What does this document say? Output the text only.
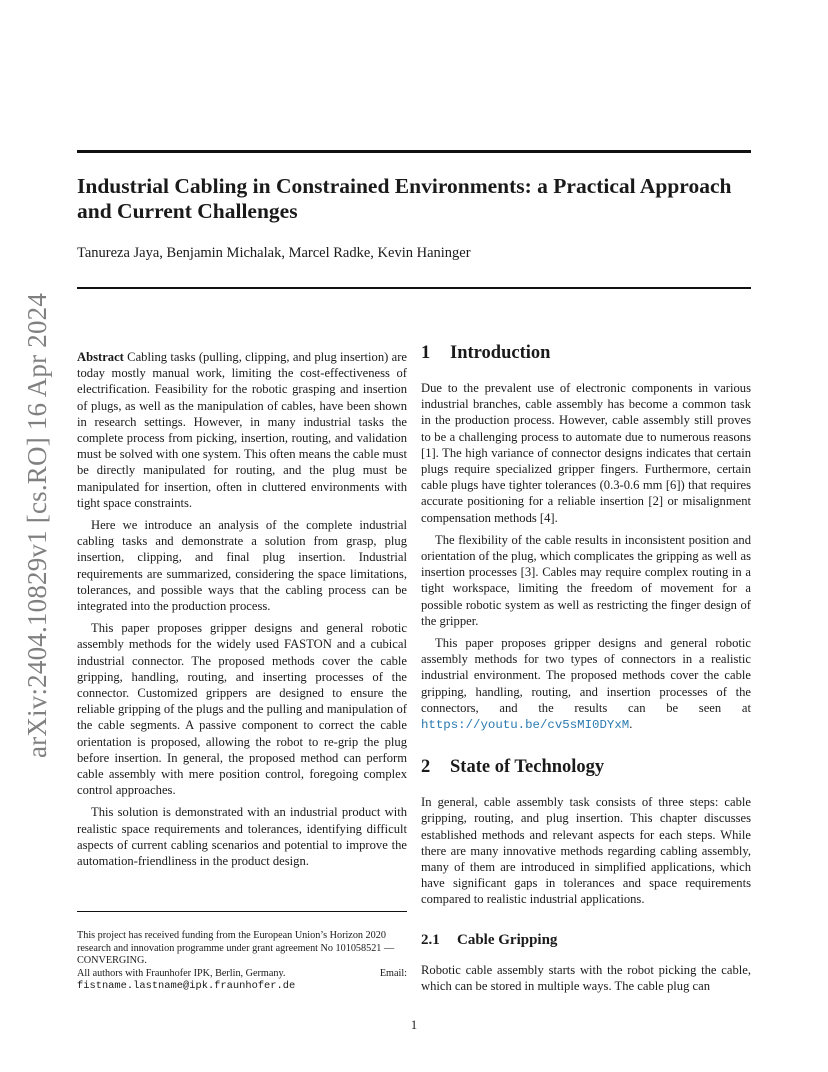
Industrial Cabling in Constrained Environments: a Practical Approach and Current Challenges
Tanureza Jaya, Benjamin Michalak, Marcel Radke, Kevin Haninger
arXiv:2404.10829v1 [cs.RO] 16 Apr 2024 Abstract Cabling tasks (pulling, clipping, and plug insertion) are today mostly manual work, limiting the cost-effectiveness of electrification. Feasibility for the robotic grasping and insertion of plugs, as well as the manipulation of cables, have been shown in research settings. However, in many industrial tasks the complete process from picking, insertion, routing, and validation must be solved with one system. This often means the cable must be directly manipulated for routing, and the plug must be manipulated for insertion, often in cluttered environments with tight space constraints.

Here we introduce an analysis of the complete industrial cabling tasks and demonstrate a solution from grasp, plug insertion, clipping, and final plug insertion. Industrial requirements are summarized, considering the space limitations, tolerances, and possible ways that the cabling process can be integrated into the production process.

This paper proposes gripper designs and general robotic assembly methods for the widely used FASTON and a cubical industrial connector. The proposed methods cover the cable gripping, handling, routing, and inserting processes of the connector. Customized grippers are designed to ensure the reliable gripping of the plugs and the pulling and manipulation of the cable segments. A passive component to correct the cable orientation is proposed, allowing the robot to re-grip the plug before insertion. In general, the proposed method can perform cable assembly with mere position control, foregoing complex control approaches.

This solution is demonstrated with an industrial product with realistic space requirements and tolerances, identifying difficult aspects of current cabling scenarios and potential to improve the automation-friendliness in the product design.

This project has received funding from the European Union’s Horizon 2020 research and innovation programme under grant agreement No 101058521 — CONVERGING.

All authors with Fraunhofer IPK, Berlin, Germany.	Email:
fistname.lastname@ipk.fraunhofer.de
1 Introduction

Due to the prevalent use of electronic components in various industrial branches, cable assembly has become a common task in the production process. However, cable assembly still proves to be a challenging process to automate due to numerous reasons [1]. The high variance of connector designs indicates that certain plugs require specialized gripper fingers. Furthermore, certain cable plugs have tighter tolerances (0.3-0.6 mm [6]) that requires accurate positioning for a reliable insertion [2] or misalignment compensation methods [4].

The flexibility of the cable results in inconsistent position and orientation of the plug, which complicates the gripping as well as insertion processes [3]. Cables may require complex routing in a tight workspace, limiting the freedom of movement for a possible robotic system as well as restricting the finger design of the gripper.

This paper proposes gripper designs and general robotic assembly methods for two types of connectors in a realistic industrial environment. The proposed methods cover the cable gripping, handling, routing, and insertion processes of the connectors, and the results can be seen at https://youtu.be/cv5sMI0DYxM.

2 State of Technology

In general, cable assembly task consists of three steps: cable gripping, routing, and plug insertion. This chapter discusses established methods and relevant aspects for each steps. While there are many innovative methods regarding cabling assembly, many of them are introduced in simplified applications, which have significant gaps in tolerances and space requirements compared to realistic industrial applications.

2.1 Cable Gripping

Robotic cable assembly starts with the robot picking the cable, which can be stored in multiple ways. The cable plug can

1
